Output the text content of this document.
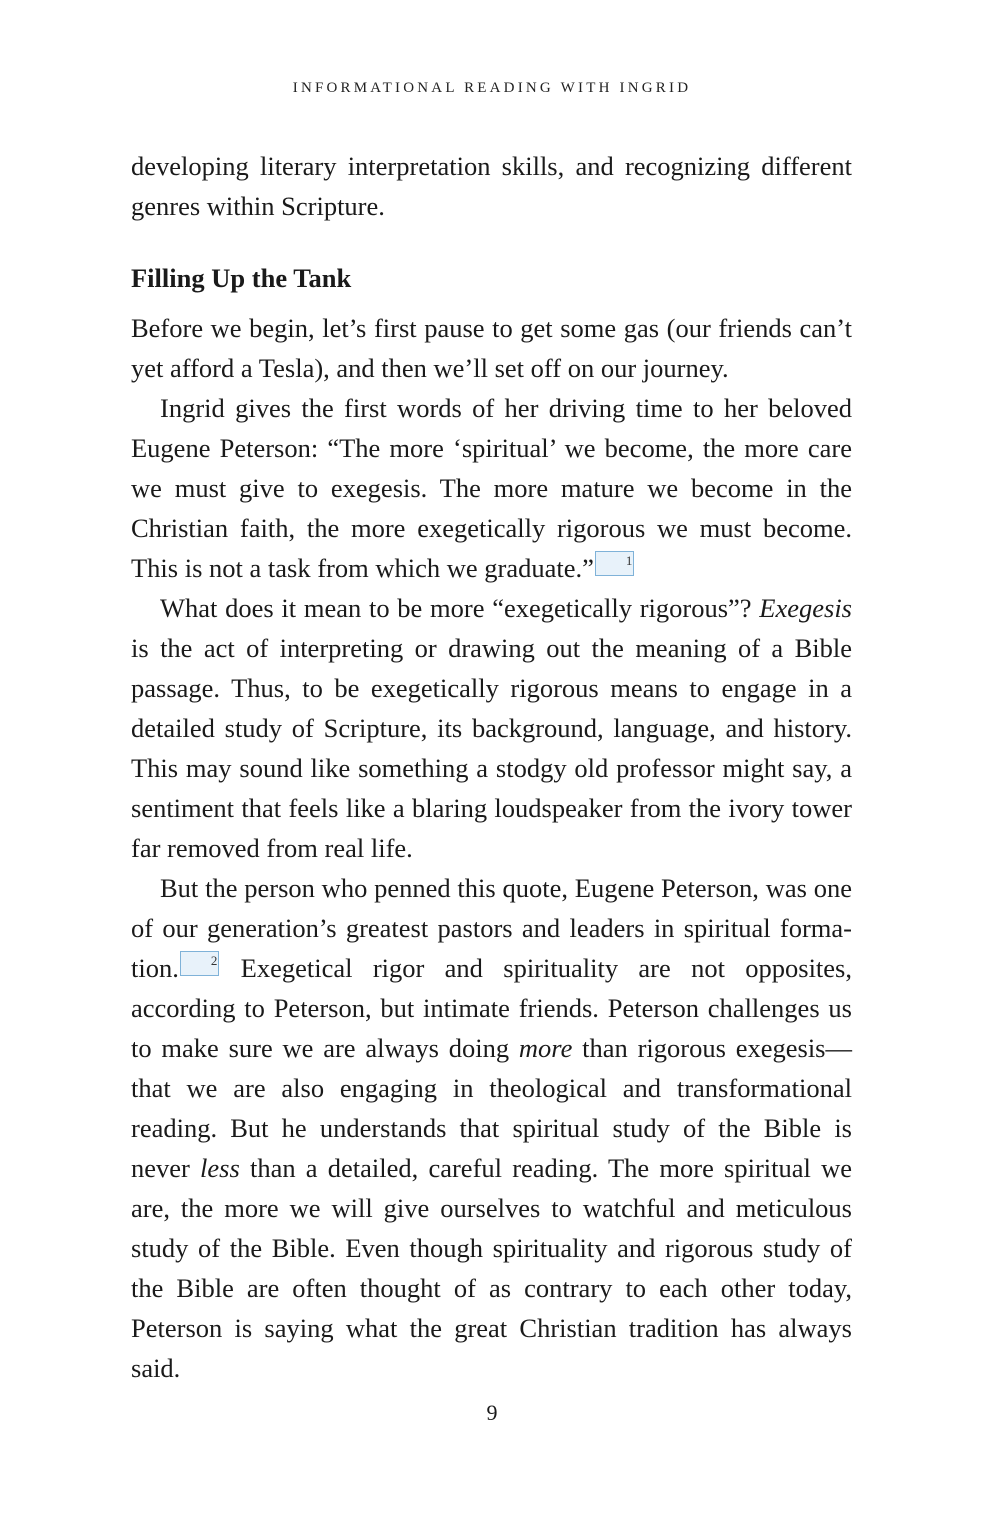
INFORMATIONAL READING WITH INGRID

developing literary interpretation skills, and recognizing different genres within Scripture.

Filling Up the Tank

Before we begin, let’s first pause to get some gas (our friends can’t yet afford a Tesla), and then we’ll set off on our journey.

Ingrid gives the first words of her driving time to her beloved Eugene Peterson: “The more ‘spiritual’ we become, the more care we must give to exegesis. The more mature we become in the Christian faith, the more exegetically rigorous we must become. This is not a task from which we graduate.” 1

What does it mean to be more “exegetically rigorous”? Exegesis is the act of interpreting or drawing out the meaning of a Bible passage. Thus, to be exegetically rigorous means to engage in a detailed study of Scripture, its background, language, and history. This may sound like something a stodgy old professor might say, a sentiment that feels like a blaring loudspeaker from the ivory tower far removed from real life.

But the person who penned this quote, Eugene Peterson, was one of our generation’s greatest pastors and leaders in spiritual forma-tion. 2 Exegetical rigor and spirituality are not opposites, according to Peterson, but intimate friends. Peterson challenges us to make sure we are always doing more than rigorous exegesis—that we are also engaging in theological and transformational reading. But he understands that spiritual study of the Bible is never less than a detailed, careful reading. The more spiritual we are, the more we will give ourselves to watchful and meticulous study of the Bible. Even though spirituality and rigorous study of the Bible are often thought of as contrary to each other today, Peterson is saying what the great Christian tradition has always said.

9
